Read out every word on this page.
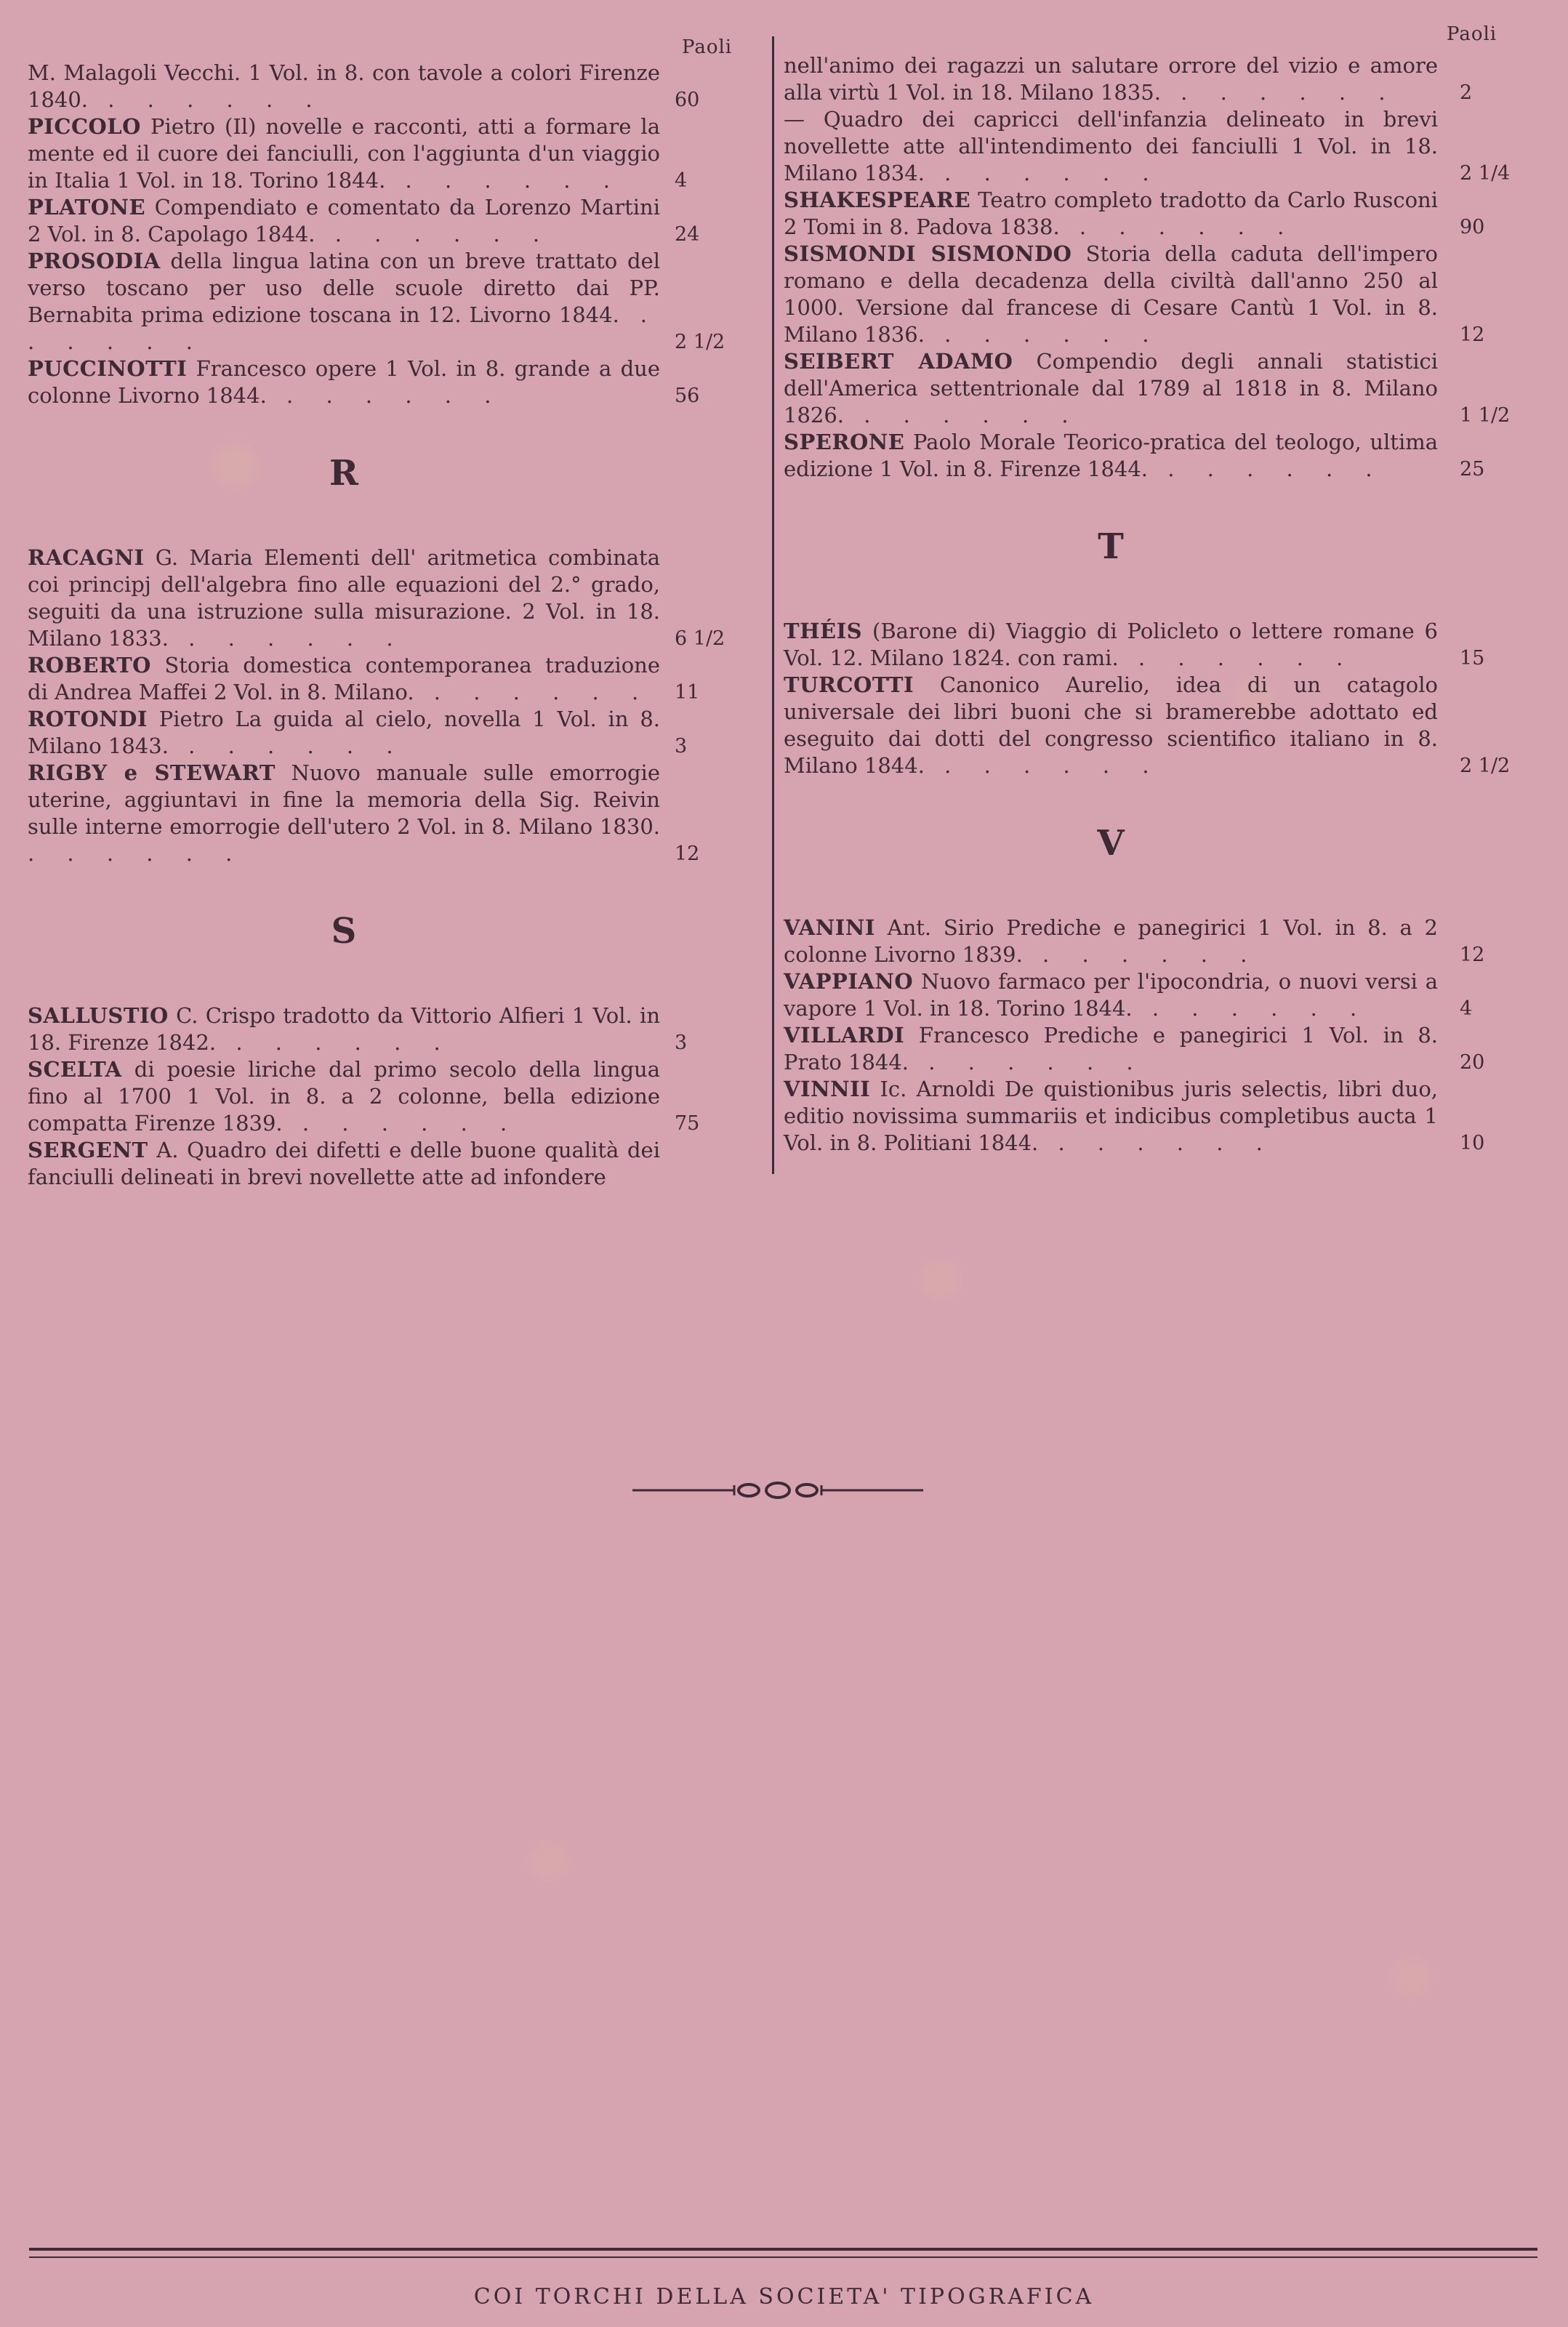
Paoli
Paoli
M. Malagoli Vecchi. 1 Vol. in 8. con tavole a colori Firenze 1840. . . . . . .	60
PICCOLO Pietro (Il) novelle e racconti, atti a formare la mente ed il cuore dei fanciulli, con l'aggiunta d'un viaggio in Italia 1 Vol. in 18. Torino 1844. . . . . . .	4
PLATONE Compendiato e comentato da Lorenzo Martini 2 Vol. in 8. Capolago 1844. . . . . . .	24
PROSODIA della lingua latina con un breve trattato del verso toscano per uso delle scuole diretto dai PP. Bernabita prima edizione toscana in 12. Livorno 1844. . . . . . .	2 1/2
PUCCINOTTI Francesco opere 1 Vol. in 8. grande a due colonne Livorno 1844. . . . . . .	56
R
RACAGNI G. Maria Elementi dell' aritmetica combinata coi principj dell'algebra fino alle equazioni del 2.° grado, seguiti da una istruzione sulla misurazione. 2 Vol. in 18. Milano 1833. . . . . . .	6 1/2
ROBERTO Storia domestica contemporanea traduzione di Andrea Maffei 2 Vol. in 8. Milano. . . . . . .	11
ROTONDI Pietro La guida al cielo, novella 1 Vol. in 8. Milano 1843. . . . . . .	3
RIGBY e STEWART Nuovo manuale sulle emorrogie uterine, aggiuntavi in fine la memoria della Sig. Reivin sulle interne emorrogie dell'utero 2 Vol. in 8. Milano 1830. . . . . . .	12
S
SALLUSTIO C. Crispo tradotto da Vittorio Alfieri 1 Vol. in 18. Firenze 1842. . . . . . .	3
SCELTA di poesie liriche dal primo secolo della lingua fino al 1700 1 Vol. in 8. a 2 colonne, bella edizione compatta Firenze 1839. . . . . . .	75
SERGENT A. Quadro dei difetti e delle buone qualità dei fanciulli delineati in brevi novellette atte ad infondere
nell'animo dei ragazzi un salutare orrore del vizio e amore alla virtù 1 Vol. in 18. Milano 1835. . . . . . .	2
— Quadro dei capricci dell'infanzia delineato in brevi novellette atte all'intendimento dei fanciulli 1 Vol. in 18. Milano 1834. . . . . . .	2 1/4
SHAKESPEARE Teatro completo tradotto da Carlo Rusconi 2 Tomi in 8. Padova 1838. . . . . . .	90
SISMONDI SISMONDO Storia della caduta dell'impero romano e della decadenza della civiltà dall'anno 250 al 1000. Versione dal francese di Cesare Cantù 1 Vol. in 8. Milano 1836. . . . . . .	12
SEIBERT ADAMO Compendio degli annali statistici dell'America settentrionale dal 1789 al 1818 in 8. Milano 1826. . . . . . .	1 1/2
SPERONE Paolo Morale Teorico-pratica del teologo, ultima edizione 1 Vol. in 8. Firenze 1844. . . . . . .	25
T
THÉIS (Barone di) Viaggio di Policleto o lettere romane 6 Vol. 12. Milano 1824. con rami. . . . . . .	15
TURCOTTI Canonico Aurelio, idea di un catagolo universale dei libri buoni che si bramerebbe adottato ed eseguito dai dotti del congresso scientifico italiano in 8. Milano 1844. . . . . . .	2 1/2
V
VANINI Ant. Sirio Prediche e panegirici 1 Vol. in 8. a 2 colonne Livorno 1839. . . . . . .	12
VAPPIANO Nuovo farmaco per l'ipocondria, o nuovi versi a vapore 1 Vol. in 18. Torino 1844. . . . . . .	4
VILLARDI Francesco Prediche e panegirici 1 Vol. in 8. Prato 1844. . . . . . .	20
VINNII Ic. Arnoldi De quistionibus juris selectis, libri duo, editio novissima summariis et indicibus completibus aucta 1 Vol. in 8. Politiani 1844. . . . . . .	10
COI TORCHI DELLA SOCIETA' TIPOGRAFICA
